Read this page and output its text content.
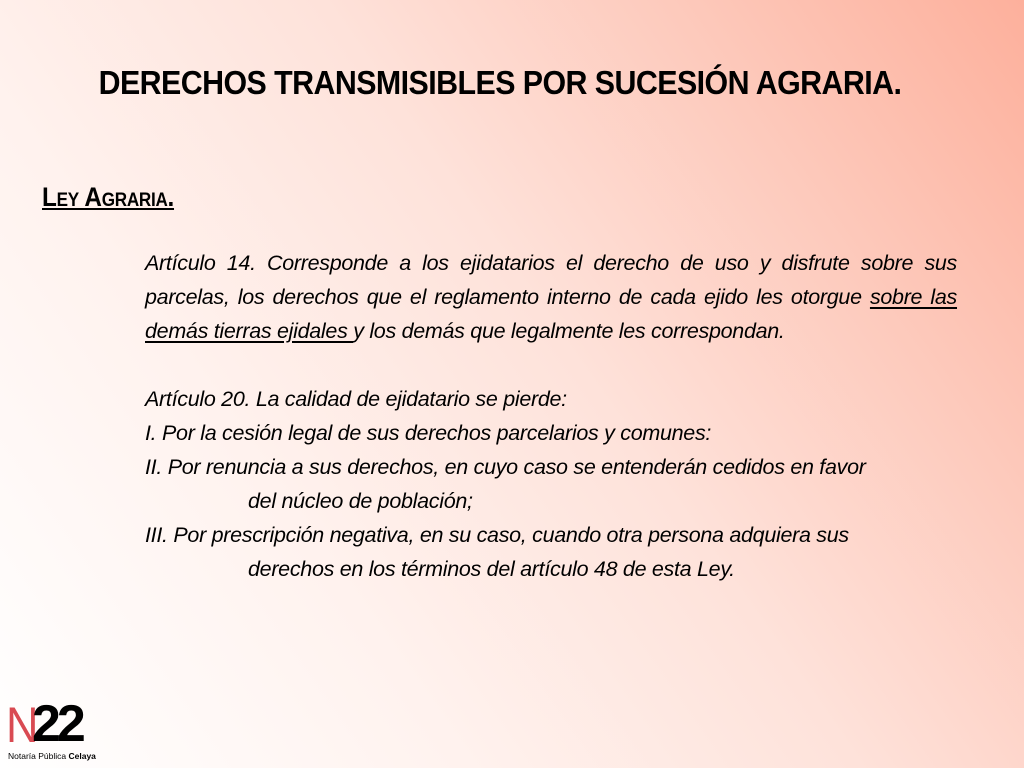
DERECHOS TRANSMISIBLES POR SUCESIÓN AGRARIA.
Ley Agraria.
Artículo 14. Corresponde a los ejidatarios el derecho de uso y disfrute sobre sus parcelas, los derechos que el reglamento interno de cada ejido les otorgue sobre las demás tierras ejidales y los demás que legalmente les correspondan.
Artículo 20. La calidad de ejidatario se pierde:
I. Por la cesión legal de sus derechos parcelarios y comunes:
II. Por renuncia a sus derechos, en cuyo caso se entenderán cedidos en favor
del núcleo de población;
III. Por prescripción negativa, en su caso, cuando otra persona adquiera sus
derechos en los términos del artículo 48 de esta Ley.
N
22
Notaría Pública Celaya
